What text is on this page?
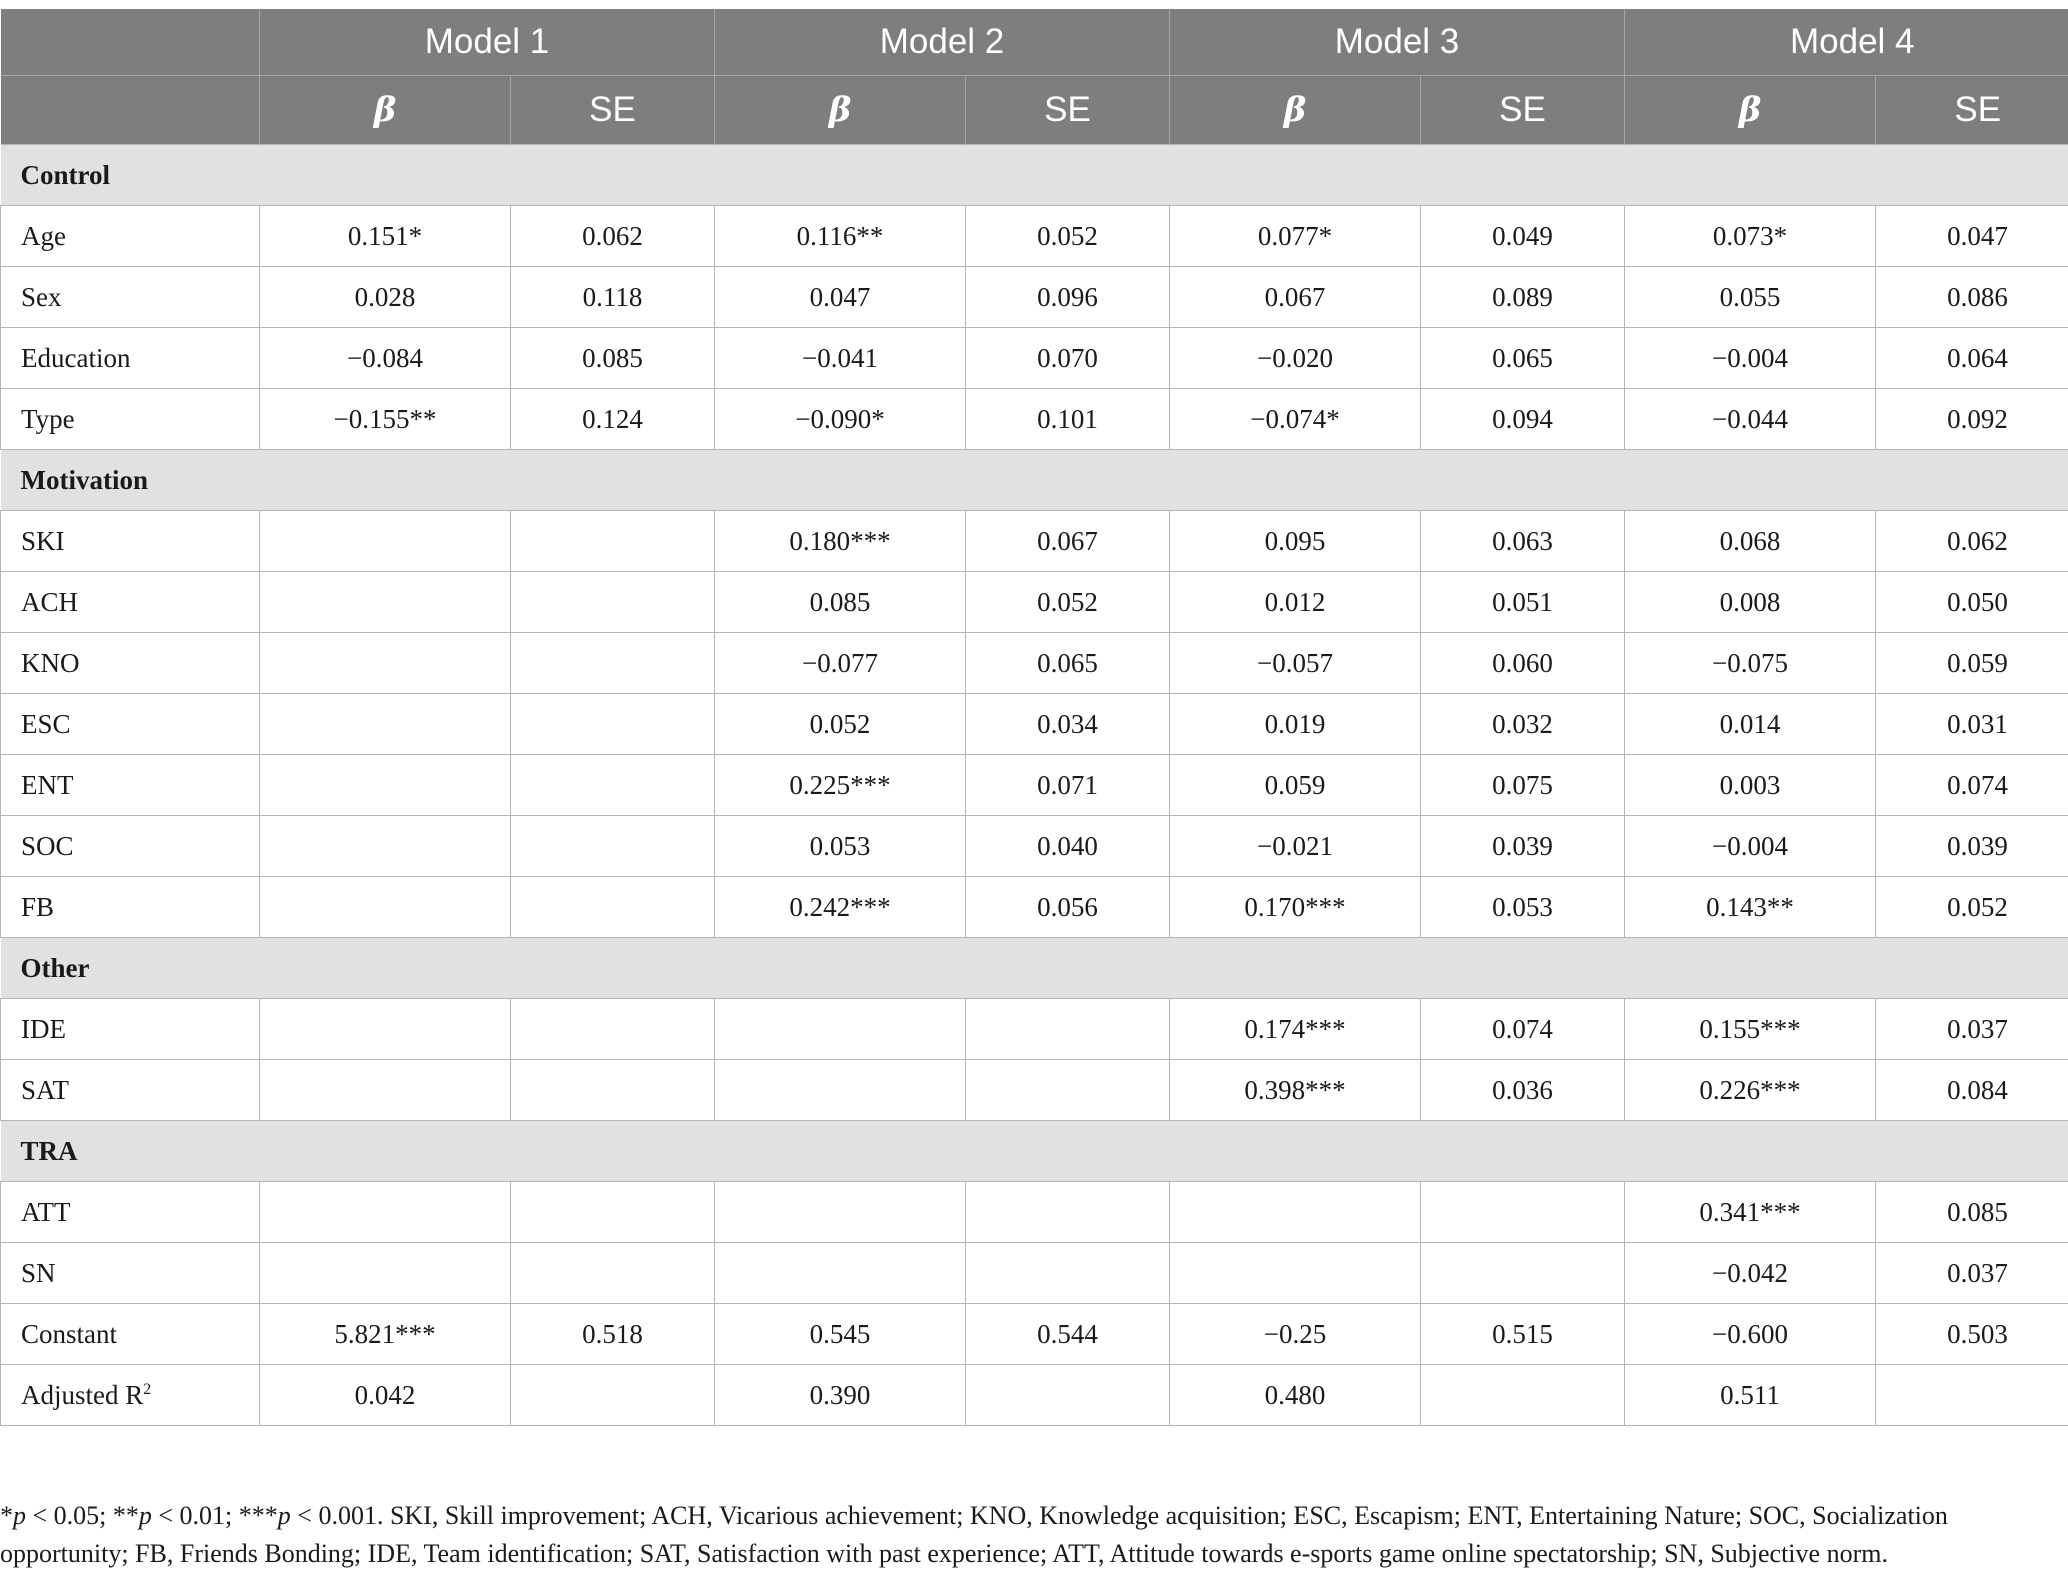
	Model 1		Model 2		Model 3		Model 4	
	β	SE	β	SE	β	SE	β	SE
Control								
Age	0.151*	0.062	0.116**	0.052	0.077*	0.049	0.073*	0.047
Sex	0.028	0.118	0.047	0.096	0.067	0.089	0.055	0.086
Education	−0.084	0.085	−0.041	0.070	−0.020	0.065	−0.004	0.064
Type	−0.155**	0.124	−0.090*	0.101	−0.074*	0.094	−0.044	0.092
Motivation								
SKI			0.180***	0.067	0.095	0.063	0.068	0.062
ACH			0.085	0.052	0.012	0.051	0.008	0.050
KNO			−0.077	0.065	−0.057	0.060	−0.075	0.059
ESC			0.052	0.034	0.019	0.032	0.014	0.031
ENT			0.225***	0.071	0.059	0.075	0.003	0.074
SOC			0.053	0.040	−0.021	0.039	−0.004	0.039
FB			0.242***	0.056	0.170***	0.053	0.143**	0.052
Other								
IDE					0.174***	0.074	0.155***	0.037
SAT					0.398***	0.036	0.226***	0.084
TRA								
ATT							0.341***	0.085
SN							−0.042	0.037
Constant	5.821***	0.518	0.545	0.544	−0.25	0.515	−0.600	0.503
Adjusted $R^2$	0.042		0.390		0.480		0.511	
*p < 0.05; **p < 0.01; ***p < 0.001. SKI, Skill improvement; ACH, Vicarious achievement; KNO, Knowledge acquisition; ESC, Escapism; ENT, Entertaining Nature; SOC, Socialization
opportunity; FB, Friends Bonding; IDE, Team identification; SAT, Satisfaction with past experience; ATT, Attitude towards e-sports game online spectatorship; SN, Subjective norm.
